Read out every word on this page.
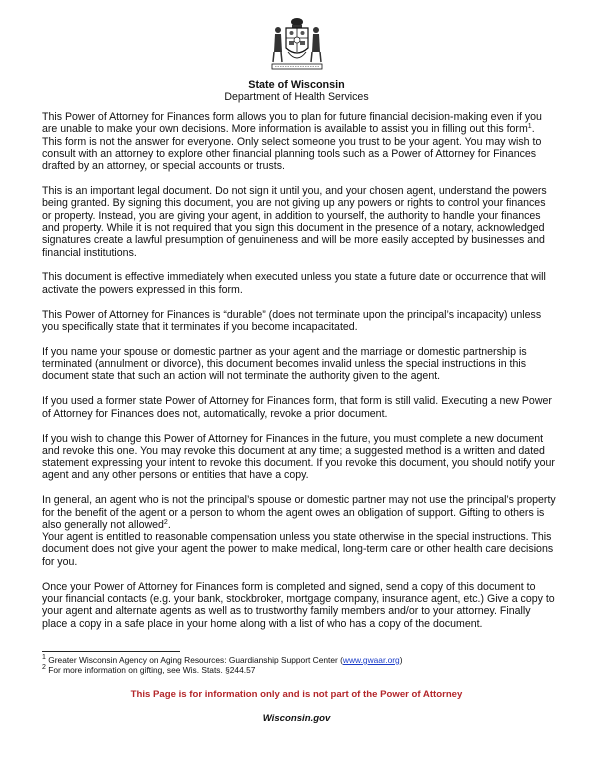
State of Wisconsin
Department of Health Services

This Power of Attorney for Finances form allows you to plan for future financial decision-making even if you are unable to make your own decisions. More information is available to assist you in filling out this form$^1$. This form is not the answer for everyone. Only select someone you trust to be your agent. You may wish to consult with an attorney to explore other financial planning tools such as a Power of Attorney for Finances drafted by an attorney, or special accounts or trusts.

This is an important legal document. Do not sign it until you, and your chosen agent, understand the powers being granted. By signing this document, you are not giving up any powers or rights to control your finances or property. Instead, you are giving your agent, in addition to yourself, the authority to handle your finances and property. While it is not required that you sign this document in the presence of a notary, acknowledged signatures create a lawful presumption of genuineness and will be more easily accepted by businesses and financial institutions.

This document is effective immediately when executed unless you state a future date or occurrence that will activate the powers expressed in this form.

This Power of Attorney for Finances is “durable” (does not terminate upon the principal’s incapacity) unless you specifically state that it terminates if you become incapacitated.

If you name your spouse or domestic partner as your agent and the marriage or domestic partnership is terminated (annulment or divorce), this document becomes invalid unless the special instructions in this document state that such an action will not terminate the authority given to the agent.

If you used a former state Power of Attorney for Finances form, that form is still valid. Executing a new Power of Attorney for Finances does not, automatically, revoke a prior document.

If you wish to change this Power of Attorney for Finances in the future, you must complete a new document and revoke this one. You may revoke this document at any time; a suggested method is a written and dated statement expressing your intent to revoke this document. If you revoke this document, you should notify your agent and any other persons or entities that have a copy.

In general, an agent who is not the principal’s spouse or domestic partner may not use the principal’s property for the benefit of the agent or a person to whom the agent owes an obligation of support. Gifting to others is also generally not allowed$^2$.

Your agent is entitled to reasonable compensation unless you state otherwise in the special instructions. This document does not give your agent the power to make medical, long-term care or other health care decisions for you.

Once your Power of Attorney for Finances form is completed and signed, send a copy of this document to your financial contacts (e.g. your bank, stockbroker, mortgage company, insurance agent, etc.) Give a copy to your agent and alternate agents as well as to trustworthy family members and/or to your attorney. Finally place a copy in a safe place in your home along with a list of who has a copy of the document.

$^1$ Greater Wisconsin Agency on Aging Resources: Guardianship Support Center (www.gwaar.org)
$^2$ For more information on gifting, see Wis. Stats. §244.57
This Page is for information only and is not part of the Power of Attorney
Wisconsin.gov
